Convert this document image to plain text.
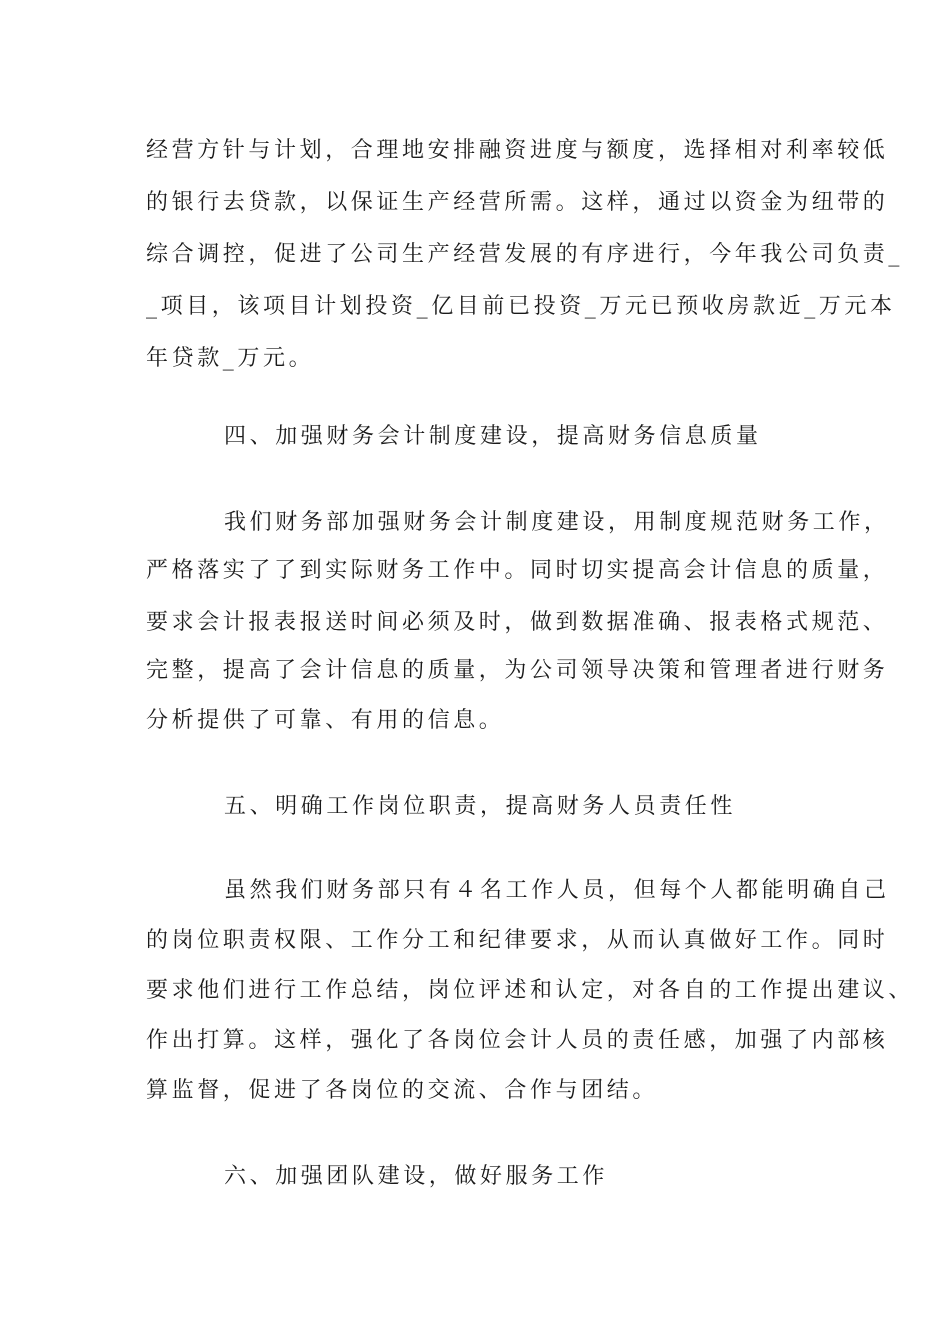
经营方针与计划，合理地安排融资进度与额度，选择相对利率较低
的银行去贷款，以保证生产经营所需。这样，通过以资金为纽带的
综合调控，促进了公司生产经营发展的有序进行，今年我公司负责_
_项目，该项目计划投资_亿目前已投资_万元已预收房款近_万元本
年贷款_万元。
四、加强财务会计制度建设，提高财务信息质量
我们财务部加强财务会计制度建设，用制度规范财务工作，
严格落实了了到实际财务工作中。同时切实提高会计信息的质量，
要求会计报表报送时间必须及时，做到数据准确、报表格式规范、
完整，提高了会计信息的质量，为公司领导决策和管理者进行财务
分析提供了可靠、有用的信息。
五、明确工作岗位职责，提高财务人员责任性
虽然我们财务部只有４名工作人员，但每个人都能明确自己
的岗位职责权限、工作分工和纪律要求，从而认真做好工作。同时
要求他们进行工作总结，岗位评述和认定，对各自的工作提出建议、
作出打算。这样，强化了各岗位会计人员的责任感，加强了内部核
算监督，促进了各岗位的交流、合作与团结。
六、加强团队建设，做好服务工作
